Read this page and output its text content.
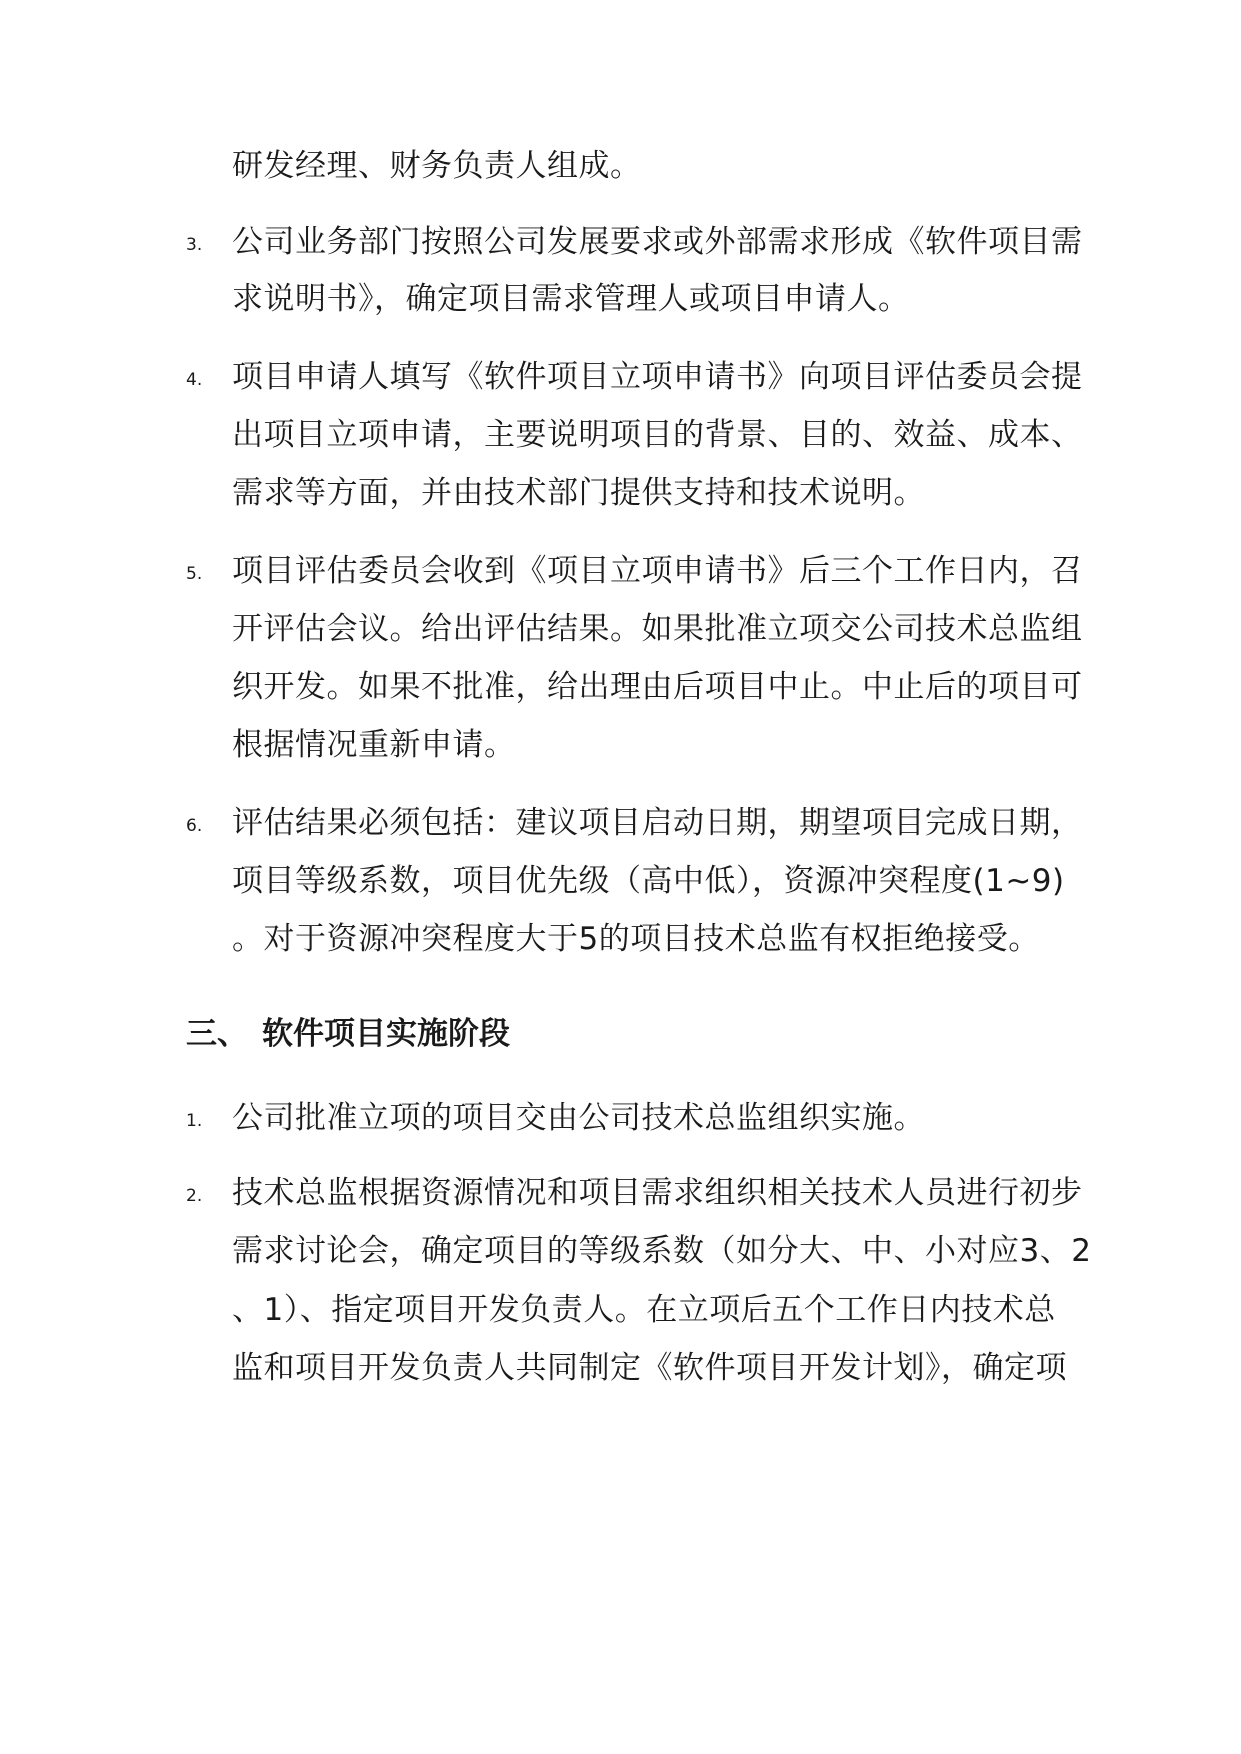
研发经理、财务负责人组成。
3. 公司业务部门按照公司发展要求或外部需求形成《软件项目需
求说明书》，确定项目需求管理人或项目申请人。
4. 项目申请人填写《软件项目立项申请书》向项目评估委员会提
出项目立项申请，主要说明项目的背景、目的、效益、成本、
需求等方面，并由技术部门提供支持和技术说明。
5. 项目评估委员会收到《项目立项申请书》后三个工作日内，召
开评估会议。给出评估结果。如果批准立项交公司技术总监组
织开发。如果不批准，给出理由后项目中止。中止后的项目可
根据情况重新申请。
6. 评估结果必须包括：建议项目启动日期，期望项目完成日期，
项目等级系数，项目优先级（高中低），资源冲突程度(1~9)
。对于资源冲突程度大于5的项目技术总监有权拒绝接受。
三、 软件项目实施阶段
1. 公司批准立项的项目交由公司技术总监组织实施。
2. 技术总监根据资源情况和项目需求组织相关技术人员进行初步
需求讨论会，确定项目的等级系数（如分大、中、小对应3、2
、1）、指定项目开发负责人。在立项后五个工作日内技术总
监和项目开发负责人共同制定《软件项目开发计划》，确定项
